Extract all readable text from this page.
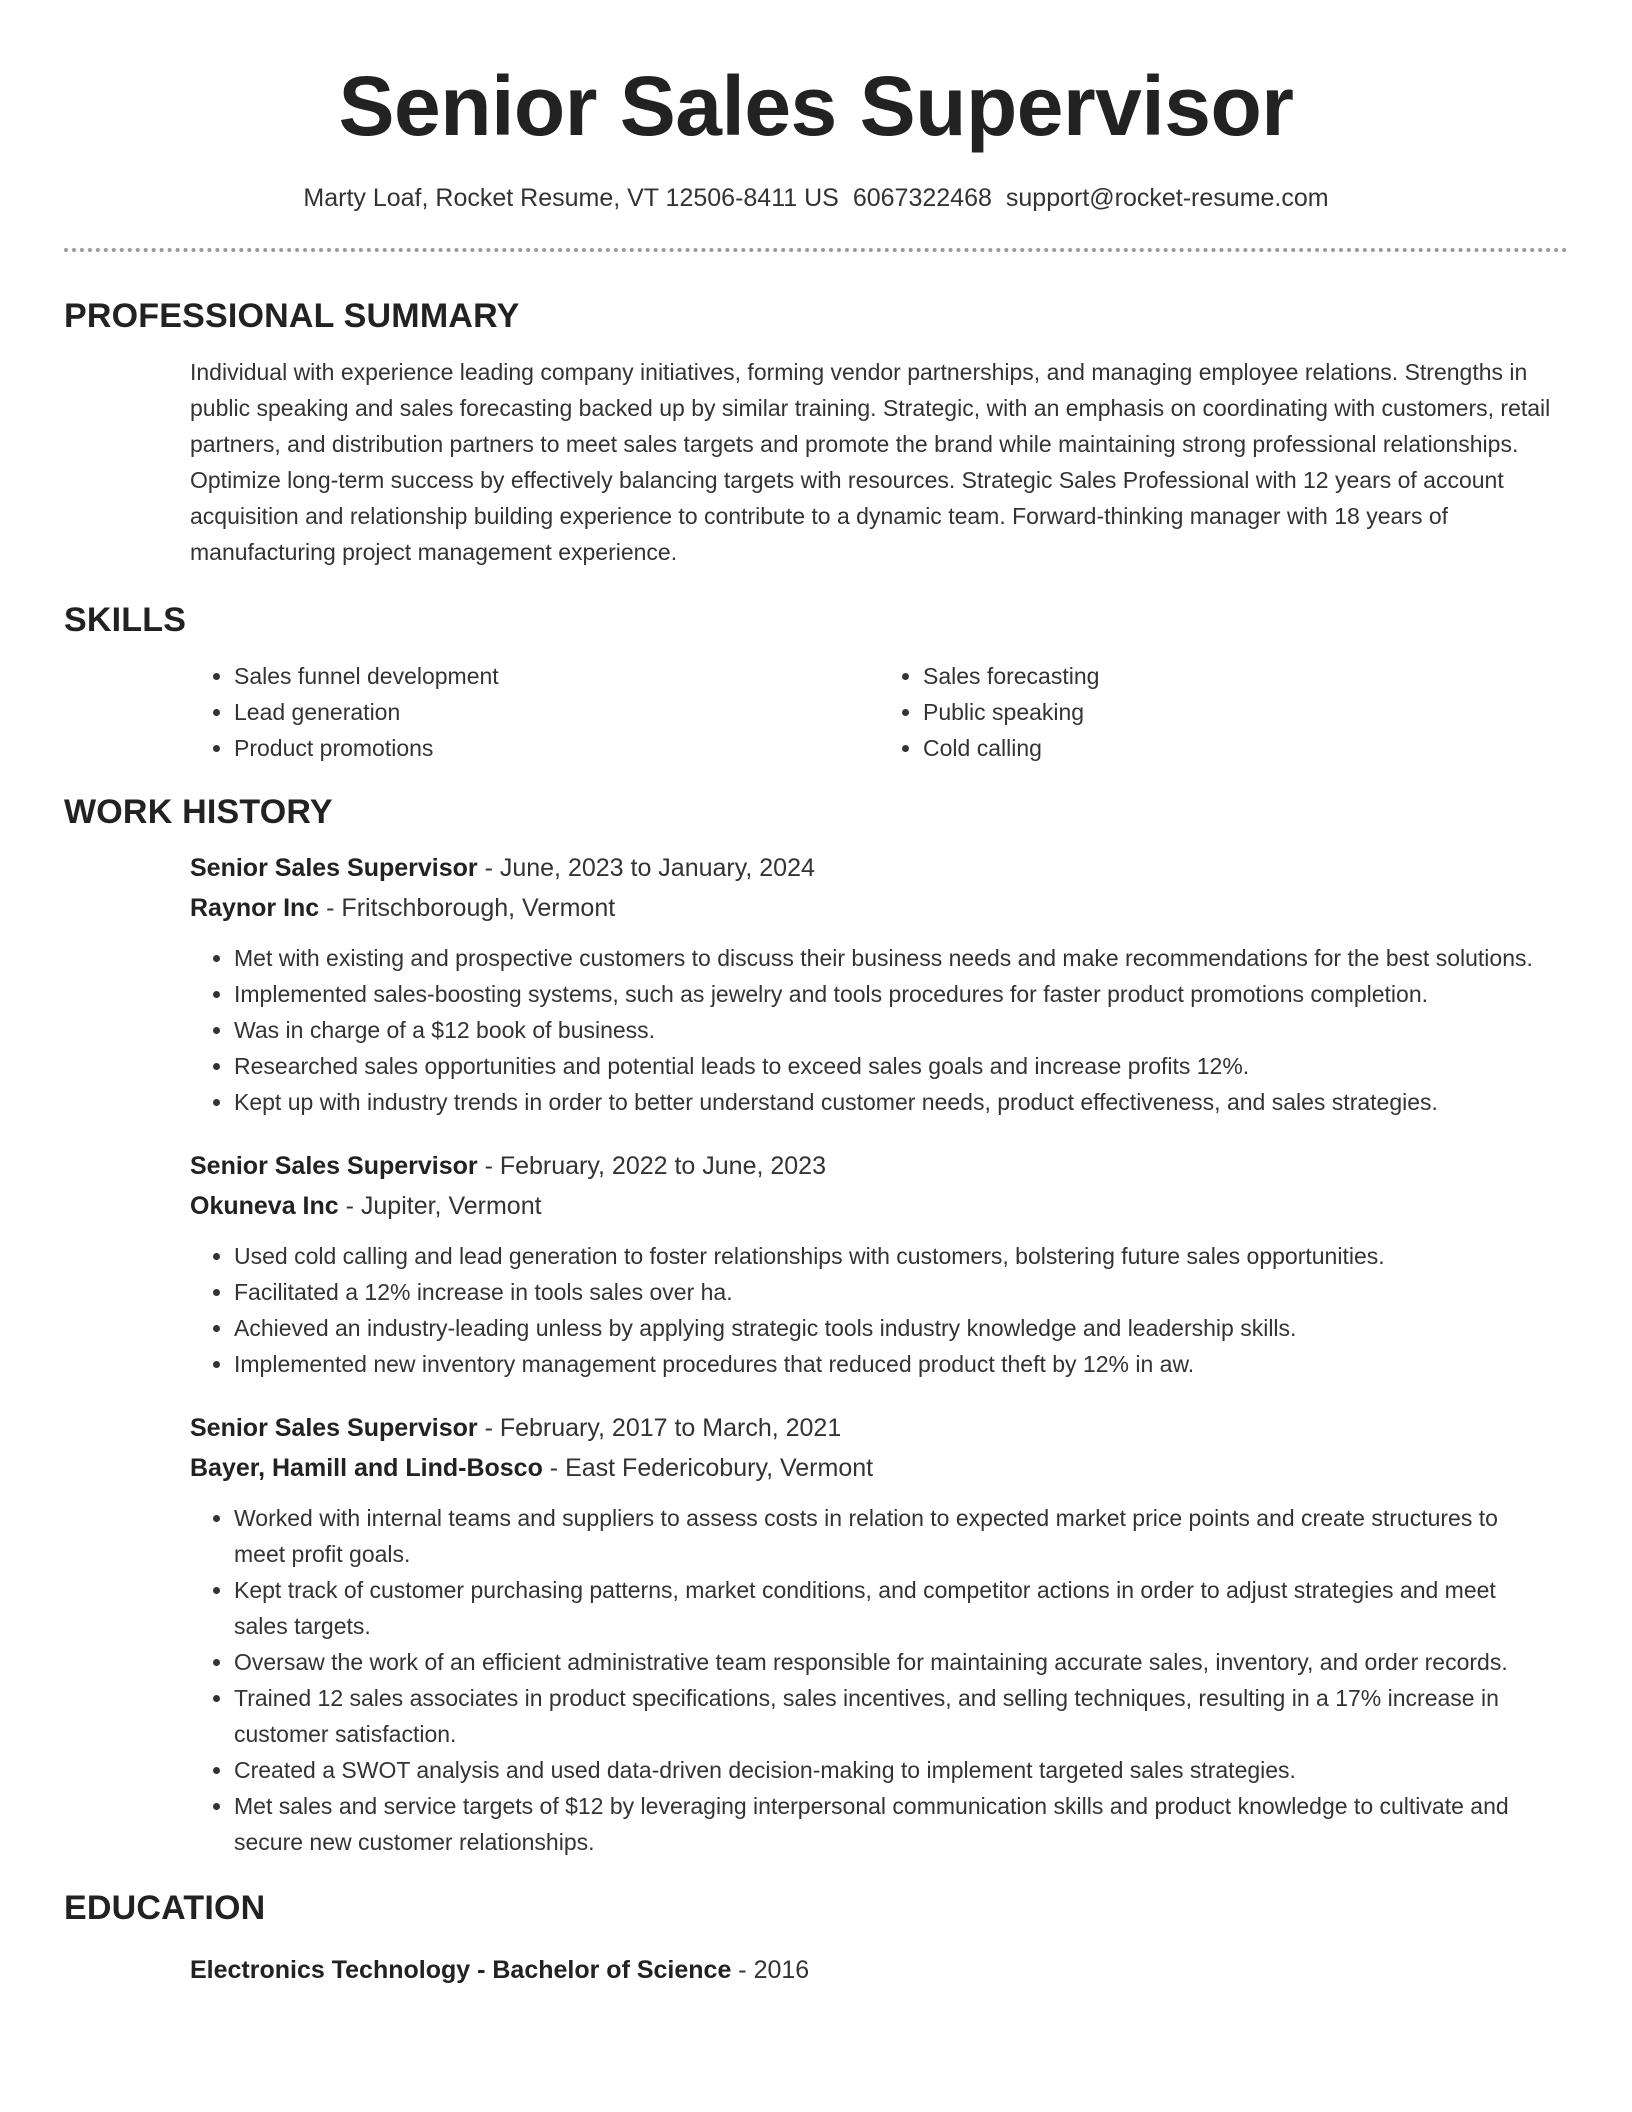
Senior Sales Supervisor
Marty Loaf, Rocket Resume, VT 12506-8411 US 6067322468 support@rocket-resume.com
PROFESSIONAL SUMMARY

Individual with experience leading company initiatives, forming vendor partnerships, and managing employee relations. Strengths in public speaking and sales forecasting backed up by similar training. Strategic, with an emphasis on coordinating with customers, retail partners, and distribution partners to meet sales targets and promote the brand while maintaining strong professional relationships. Optimize long-term success by effectively balancing targets with resources. Strategic Sales Professional with 12 years of account acquisition and relationship building experience to contribute to a dynamic team. Forward-thinking manager with 18 years of manufacturing project management experience.

SKILLS
• Sales funnel development
• Lead generation
• Product promotions
• Sales forecasting
• Public speaking
• Cold calling
WORK HISTORY
Senior Sales Supervisor - June, 2023 to January, 2024
Raynor Inc - Fritschborough, Vermont
• Met with existing and prospective customers to discuss their business needs and make recommendations for the best solutions.
• Implemented sales-boosting systems, such as jewelry and tools procedures for faster product promotions completion.
• Was in charge of a $12 book of business.
• Researched sales opportunities and potential leads to exceed sales goals and increase profits 12%.
• Kept up with industry trends in order to better understand customer needs, product effectiveness, and sales strategies.
Senior Sales Supervisor - February, 2022 to June, 2023
Okuneva Inc - Jupiter, Vermont
• Used cold calling and lead generation to foster relationships with customers, bolstering future sales opportunities.
• Facilitated a 12% increase in tools sales over ha.
• Achieved an industry-leading unless by applying strategic tools industry knowledge and leadership skills.
• Implemented new inventory management procedures that reduced product theft by 12% in aw.
Senior Sales Supervisor - February, 2017 to March, 2021
Bayer, Hamill and Lind-Bosco - East Federicobury, Vermont
• Worked with internal teams and suppliers to assess costs in relation to expected market price points and create structures to meet profit goals.
• Kept track of customer purchasing patterns, market conditions, and competitor actions in order to adjust strategies and meet sales targets.
• Oversaw the work of an efficient administrative team responsible for maintaining accurate sales, inventory, and order records.
• Trained 12 sales associates in product specifications, sales incentives, and selling techniques, resulting in a 17% increase in customer satisfaction.
• Created a SWOT analysis and used data-driven decision-making to implement targeted sales strategies.
• Met sales and service targets of $12 by leveraging interpersonal communication skills and product knowledge to cultivate and secure new customer relationships.
EDUCATION
Electronics Technology - Bachelor of Science - 2016
